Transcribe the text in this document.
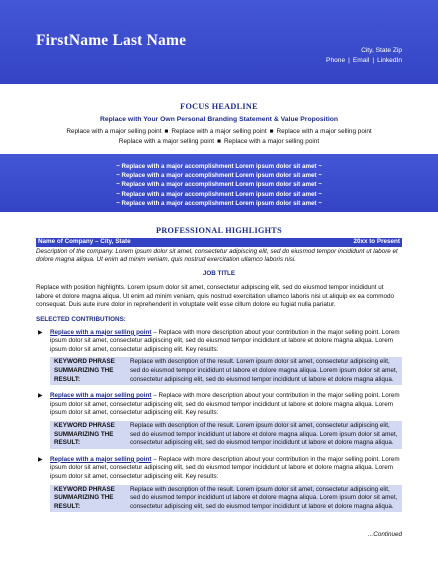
FirstName Last Name
City, State Zip
Phone | Email | LinkedIn
FOCUS HEADLINE
Replace with Your Own Personal Branding Statement & Value Proposition
Replace with a major selling point ■ Replace with a major selling point ■ Replace with a major selling point
Replace with a major selling point ■ Replace with a major selling point
~ Replace with a major accomplishment Lorem ipsum dolor sit amet ~
~ Replace with a major accomplishment Lorem ipsum dolor sit amet ~
~ Replace with a major accomplishment Lorem ipsum dolor sit amet ~
~ Replace with a major accomplishment Lorem ipsum dolor sit amet ~
~ Replace with a major accomplishment Lorem ipsum dolor sit amet ~
PROFESSIONAL HIGHLIGHTS
Name of Company – City, State	20xx to Present
Description of the company. Lorem ipsum dolor sit amet, consectetur adipiscing elit, sed do eiusmod tempor incididunt ut labore et dolore magna aliqua. Ut enim ad minim veniam, quis nostrud exercitation ullamco laboris nisi.
JOB TITLE
Replace with position highlights. Lorem ipsum dolor sit amet, consectetur adipiscing elit, sed do eiusmod tempor incididunt ut labore et dolore magna aliqua. Ut enim ad minim veniam, quis nostrud exercitation ullamco laboris nisi ut aliquip ex ea commodo consequat. Duis aute irure dolor in reprehenderit in voluptate velit esse cillum dolore eu fugiat nulla pariatur.
SELECTED CONTRIBUTIONS:
▶ Replace with a major selling point – Replace with more description about your contribution in the major selling point. Lorem ipsum dolor sit amet, consectetur adipiscing elit, sed do eiusmod tempor incididunt ut labore et dolore magna aliqua. Lorem ipsum dolor sit amet, consectetur adipiscing elit. Key results:
KEYWORD PHRASE SUMMARIZING THE RESULT:
Replace with description of the result. Lorem ipsum dolor sit amet, consectetur adipiscing elit, sed do eiusmod tempor incididunt ut labore et dolore magna aliqua. Lorem ipsum dolor sit amet, consectetur adipiscing elit, sed do eiusmod tempor incididunt ut labore et dolore magna aliqua.
▶ Replace with a major selling point – Replace with more description about your contribution in the major selling point. Lorem ipsum dolor sit amet, consectetur adipiscing elit, sed do eiusmod tempor incididunt ut labore et dolore magna aliqua. Lorem ipsum dolor sit amet, consectetur adipiscing elit. Key results:
KEYWORD PHRASE SUMMARIZING THE RESULT:
Replace with description of the result. Lorem ipsum dolor sit amet, consectetur adipiscing elit, sed do eiusmod tempor incididunt ut labore et dolore magna aliqua. Lorem ipsum dolor sit amet, consectetur adipiscing elit, sed do eiusmod tempor incididunt ut labore et dolore magna aliqua.
▶ Replace with a major selling point – Replace with more description about your contribution in the major selling point. Lorem ipsum dolor sit amet, consectetur adipiscing elit, sed do eiusmod tempor incididunt ut labore et dolore magna aliqua. Lorem ipsum dolor sit amet, consectetur adipiscing elit. Key results:
KEYWORD PHRASE SUMMARIZING THE RESULT:
Replace with description of the result. Lorem ipsum dolor sit amet, consectetur adipiscing elit, sed do eiusmod tempor incididunt ut labore et dolore magna aliqua. Lorem ipsum dolor sit amet, consectetur adipiscing elit, sed do eiusmod tempor incididunt ut labore et dolore magna aliqua.
...Continued
